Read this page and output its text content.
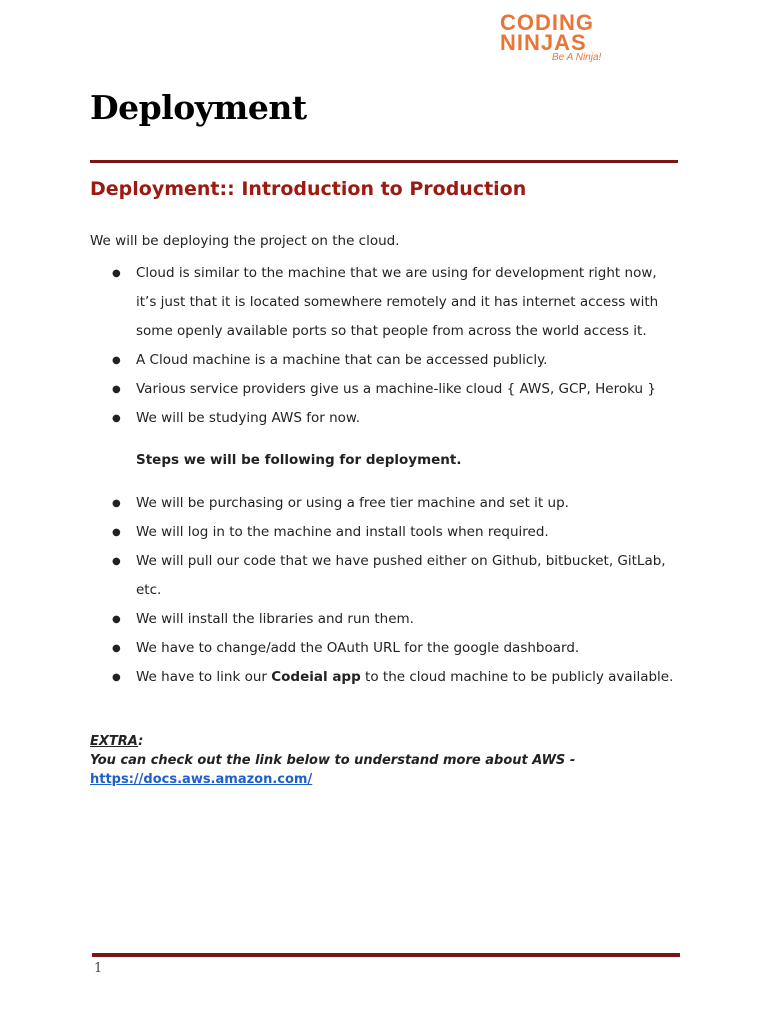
CODING
NINJAS
Be A Ninja!
Deployment
Deployment:: Introduction to Production

We will be deploying the project on the cloud.

● Cloud is similar to the machine that we are using for development right now, it’s just that it is located somewhere remotely and it has internet access with some openly available ports so that people from across the world access it.
● A Cloud machine is a machine that can be accessed publicly.
● Various service providers give us a machine-like cloud { AWS, GCP, Heroku }
● We will be studying AWS for now.

Steps we will be following for deployment.

● We will be purchasing or using a free tier machine and set it up.
● We will log in to the machine and install tools when required.
● We will pull our code that we have pushed either on Github, bitbucket, GitLab, etc.
● We will install the libraries and run them.
● We have to change/add the OAuth URL for the google dashboard.
● We have to link our Codeial app to the cloud machine to be publicly available.
EXTRA:
You can check out the link below to understand more about AWS -
https://docs.aws.amazon.com/
1
